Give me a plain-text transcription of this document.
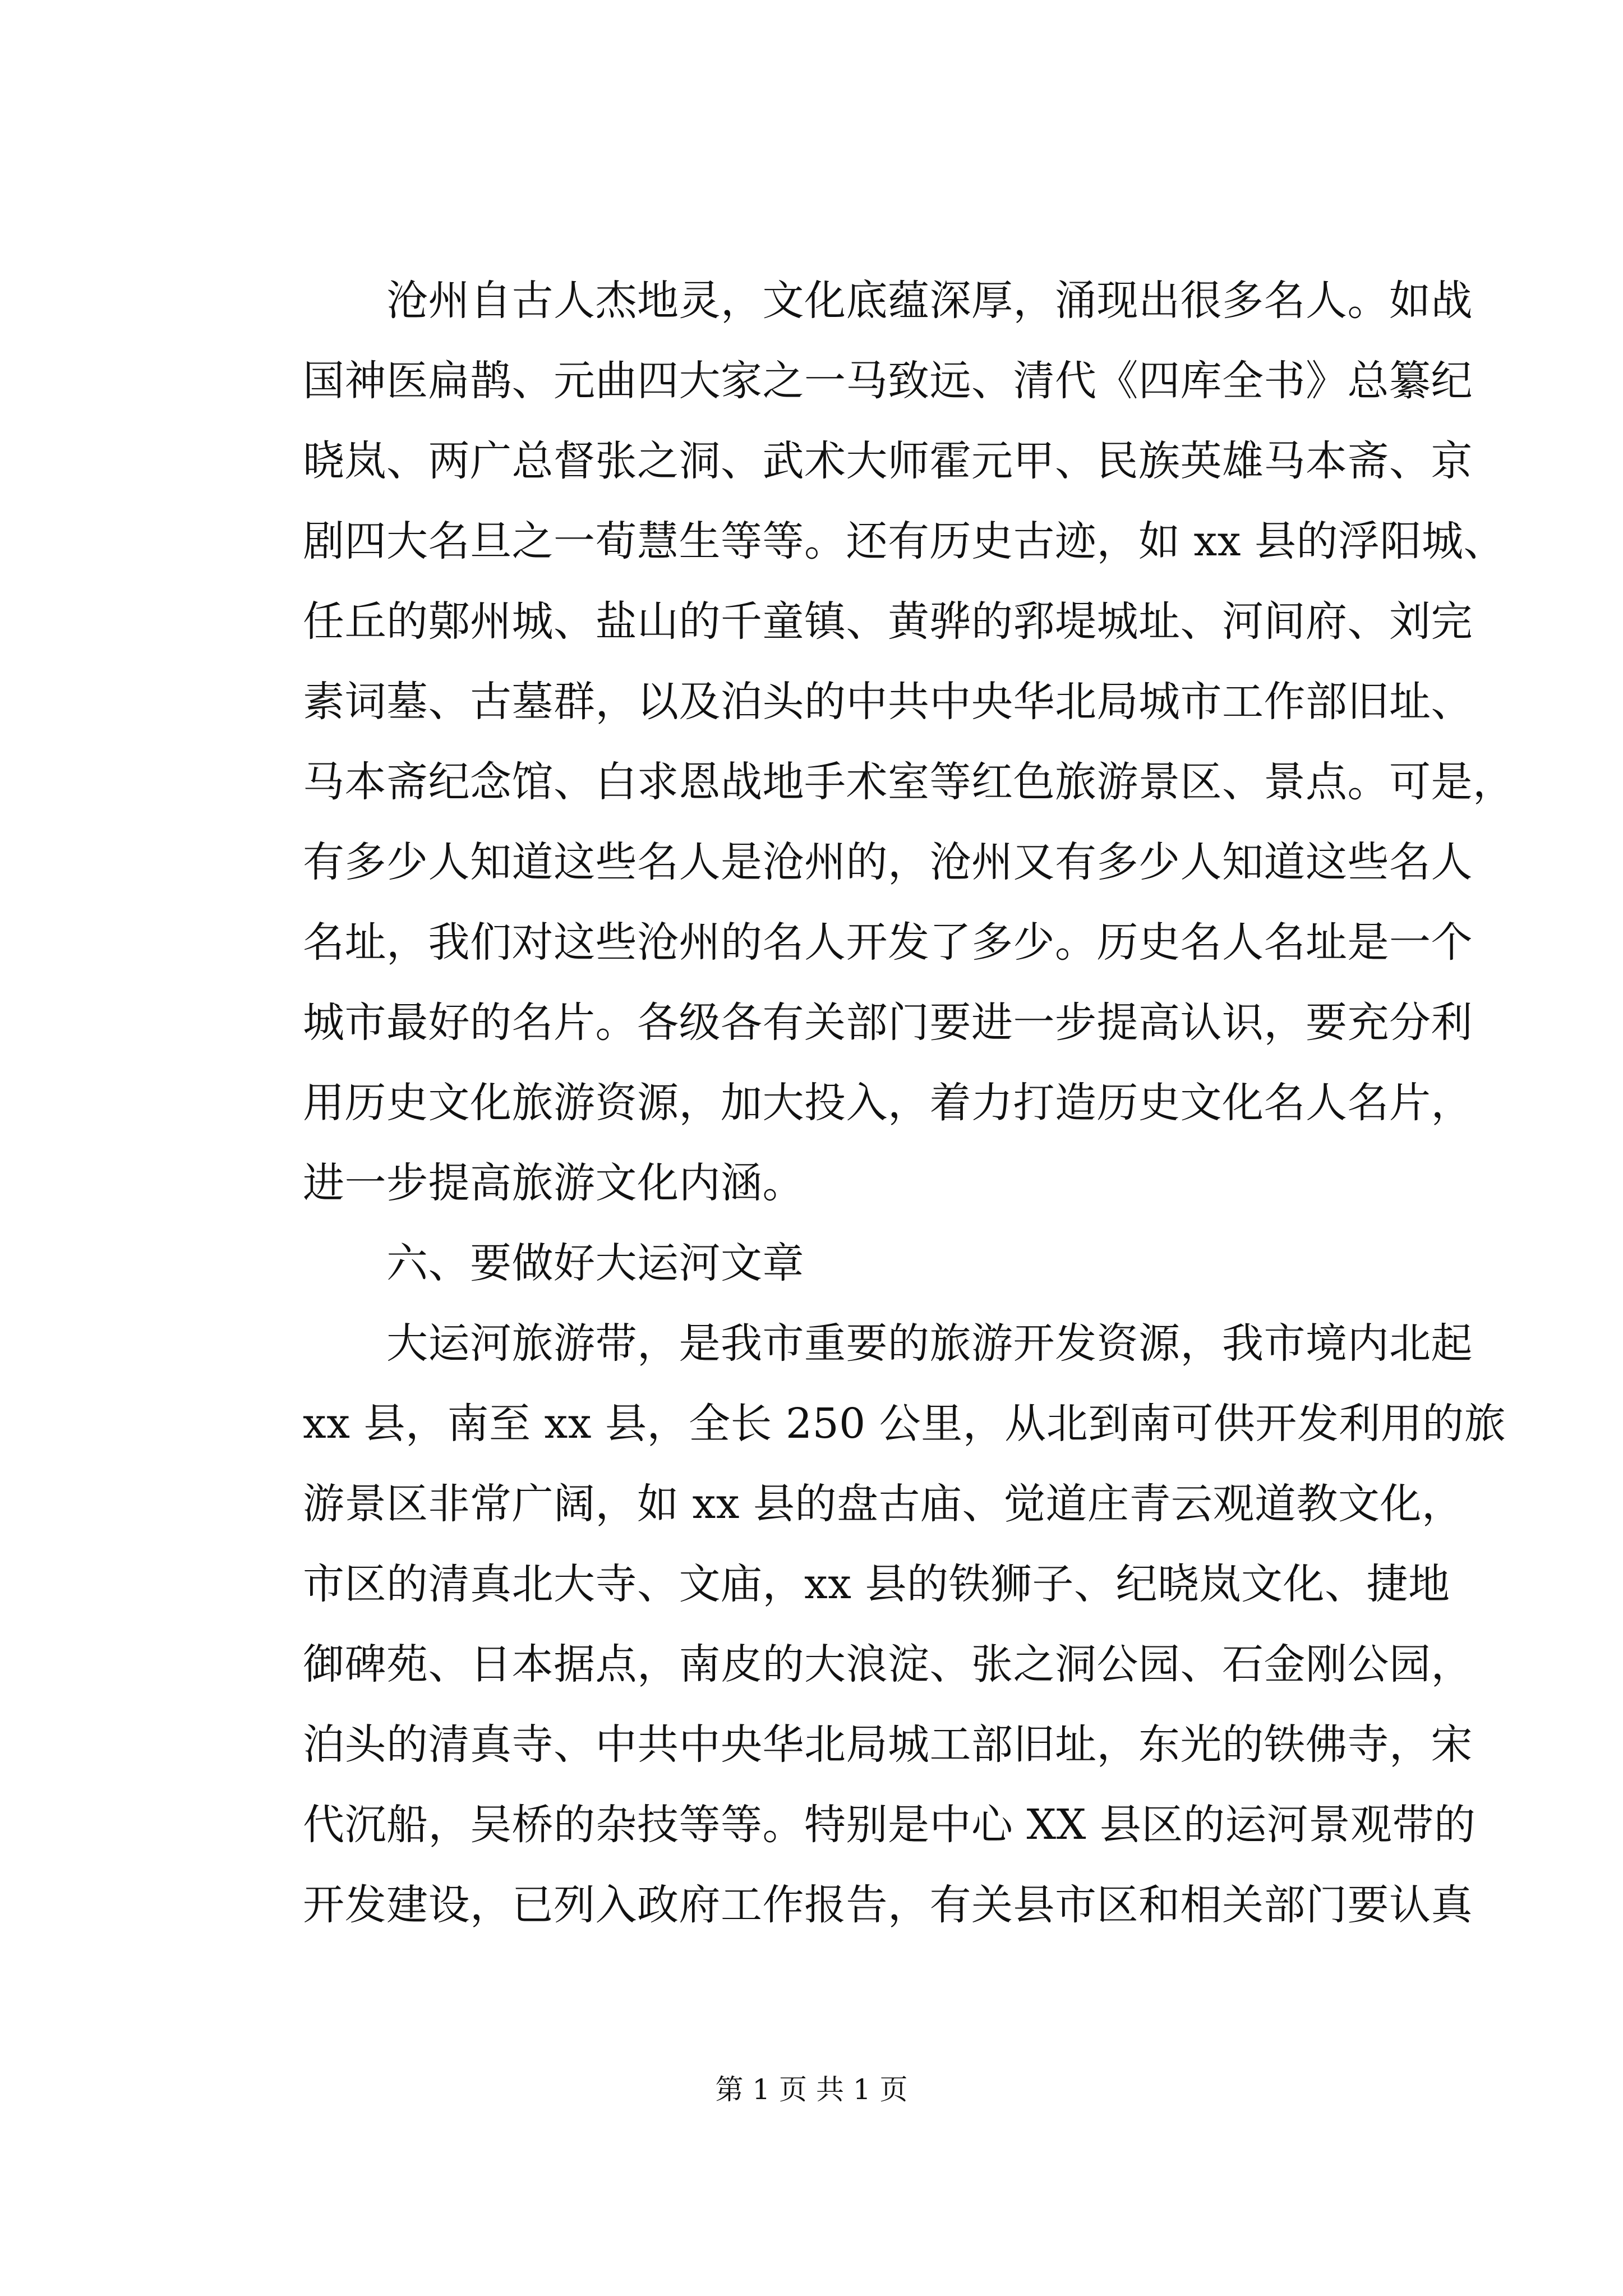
　　沧州自古人杰地灵，文化底蕴深厚，涌现出很多名人。如战
国神医扁鹊、元曲四大家之一马致远、清代《四库全书》总纂纪
晓岚、两广总督张之洞、武术大师霍元甲、民族英雄马本斋、京
剧四大名旦之一荀慧生等等。还有历史古迹，如 xx 县的浮阳城、
任丘的鄚州城、盐山的千童镇、黄骅的郛堤城址、河间府、刘完
素词墓、古墓群，以及泊头的中共中央华北局城市工作部旧址、
马本斋纪念馆、白求恩战地手术室等红色旅游景区、景点。可是，
有多少人知道这些名人是沧州的，沧州又有多少人知道这些名人
名址，我们对这些沧州的名人开发了多少。历史名人名址是一个
城市最好的名片。各级各有关部门要进一步提高认识，要充分利
用历史文化旅游资源，加大投入，着力打造历史文化名人名片，
进一步提高旅游文化内涵。
　　六、要做好大运河文章
　　大运河旅游带，是我市重要的旅游开发资源，我市境内北起
xx 县，南至 xx 县，全长 250 公里，从北到南可供开发利用的旅
游景区非常广阔，如 xx 县的盘古庙、觉道庄青云观道教文化，
市区的清真北大寺、文庙，xx 县的铁狮子、纪晓岚文化、捷地
御碑苑、日本据点，南皮的大浪淀、张之洞公园、石金刚公园，
泊头的清真寺、中共中央华北局城工部旧址，东光的铁佛寺，宋
代沉船，吴桥的杂技等等。特别是中心 XX 县区的运河景观带的
开发建设，已列入政府工作报告，有关县市区和相关部门要认真
第 1 页 共 1 页
